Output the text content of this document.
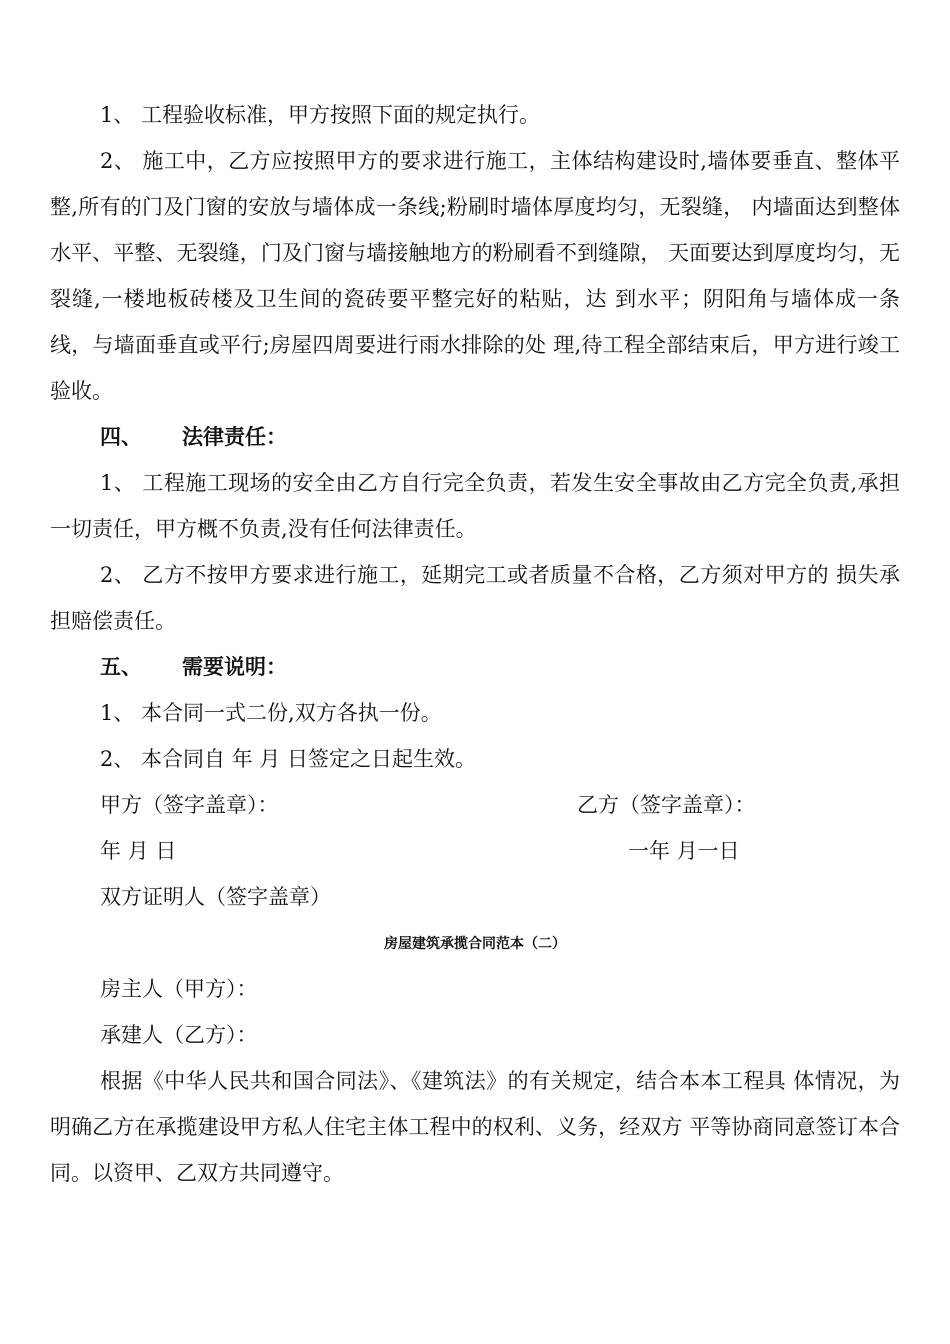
1、 工程验收标准，甲方按照下面的规定执行。

2、 施工中，乙方应按照甲方的要求进行施工，主体结构建设时,墙体要垂直、整体平整,所有的门及门窗的安放与墙体成一条线;粉刷时墙体厚度均匀，无裂缝， 内墙面达到整体水平、平整、无裂缝，门及门窗与墙接触地方的粉刷看不到缝隙， 天面要达到厚度均匀，无裂缝,一楼地板砖楼及卫生间的瓷砖要平整完好的粘贴，达 到水平；阴阳角与墙体成一条线，与墙面垂直或平行;房屋四周要进行雨水排除的处 理,待工程全部结束后，甲方进行竣工验收。

四、 法律责任：

1、 工程施工现场的安全由乙方自行完全负责，若发生安全事故由乙方完全负责,承担一切责任，甲方概不负责,没有任何法律责任。

2、 乙方不按甲方要求进行施工，延期完工或者质量不合格，乙方须对甲方的 损失承担赔偿责任。

五、 需要说明：

1、 本合同一式二份,双方各执一份。

2、 本合同自 年 月 日签定之日起生效。

甲方（签字盖章）：	乙方（签字盖章）：
年 月 日	一年 月一日
双方证明人（签字盖章）
房屋建筑承揽合同范本（二）
房主人（甲方）：
承建人（乙方）：

根据《中华人民共和国合同法》、《建筑法》的有关规定，结合本本工程具 体情况，为明确乙方在承揽建设甲方私人住宅主体工程中的权利、义务，经双方 平等协商同意签订本合同。以资甲、乙双方共同遵守。
